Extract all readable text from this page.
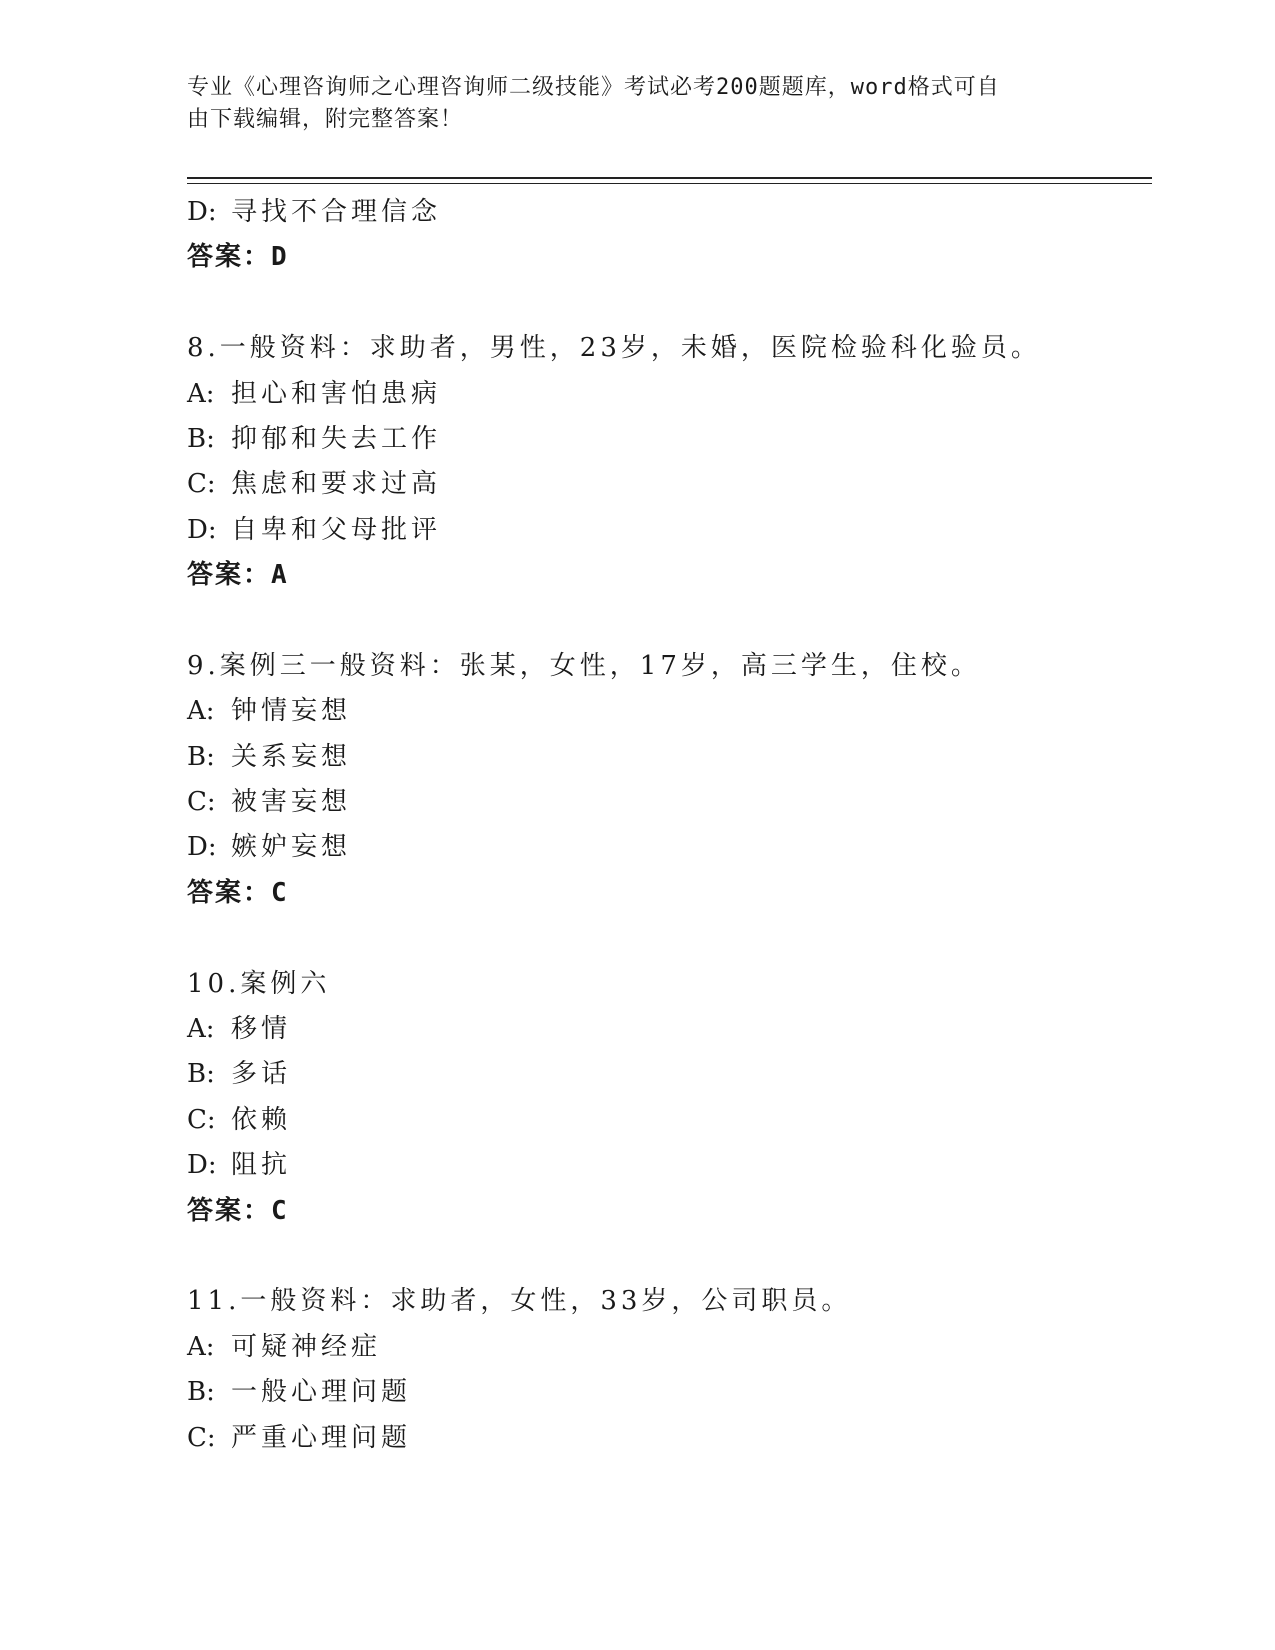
专业《心理咨询师之心理咨询师二级技能》考试必考200题题库，word格式可自
由下载编辑，附完整答案！
D: 寻找不合理信念
答案：D
8.一般资料：求助者，男性，23岁，未婚，医院检验科化验员。
A: 担心和害怕患病
B: 抑郁和失去工作
C: 焦虑和要求过高
D: 自卑和父母批评
答案：A
9.案例三一般资料：张某，女性，17岁，高三学生，住校。
A: 钟情妄想
B: 关系妄想
C: 被害妄想
D: 嫉妒妄想
答案：C
10.案例六
A: 移情
B: 多话
C: 依赖
D: 阻抗
答案：C
11.一般资料：求助者，女性，33岁，公司职员。
A: 可疑神经症
B: 一般心理问题
C: 严重心理问题
